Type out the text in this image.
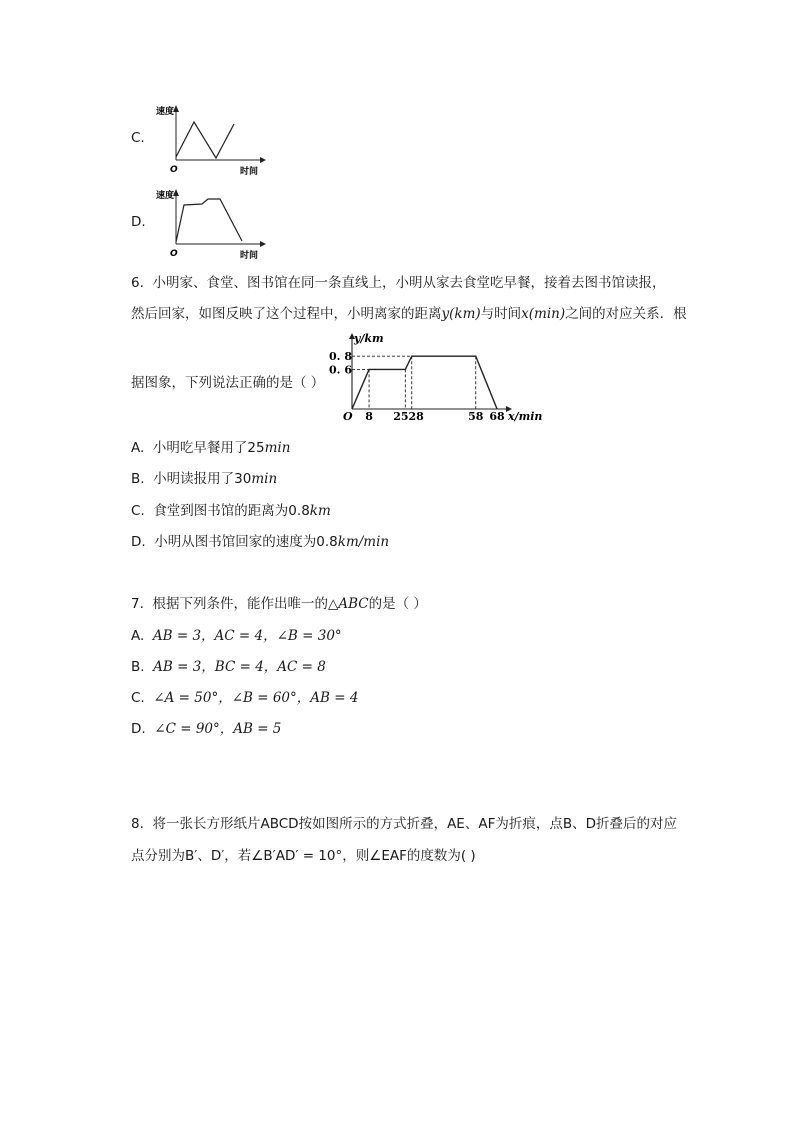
C.
速度
时间
O
D.
速度
时间
O
6. 小明家、食堂、图书馆在同一条直线上，小明从家去食堂吃早餐，接着去图书馆读报，
然后回家，如图反映了这个过程中，小明离家的距离y(km)与时间x(min)之间的对应关系．根
据图象，下列说法正确的是（ ）
0. 6
0. 8
8 2528	58 68
y/km
x/min
O
A. 小明吃早餐用了25min
B. 小明读报用了30min
C. 食堂到图书馆的距离为0.8km
D. 小明从图书馆回家的速度为0.8km/min
7. 根据下列条件，能作出唯一的△ABC的是（ ）
A. AB = 3，AC = 4，∠B = 30°
B. AB = 3，BC = 4，AC = 8
C. ∠A = 50°，∠B = 60°，AB = 4
D. ∠C = 90°，AB = 5
8. 将一张长方形纸片ABCD按如图所示的方式折叠，AE、AF为折痕，点B、D折叠后的对应
点分别为B′、D′，若∠B′AD′ = 10°，则∠EAF的度数为( )
